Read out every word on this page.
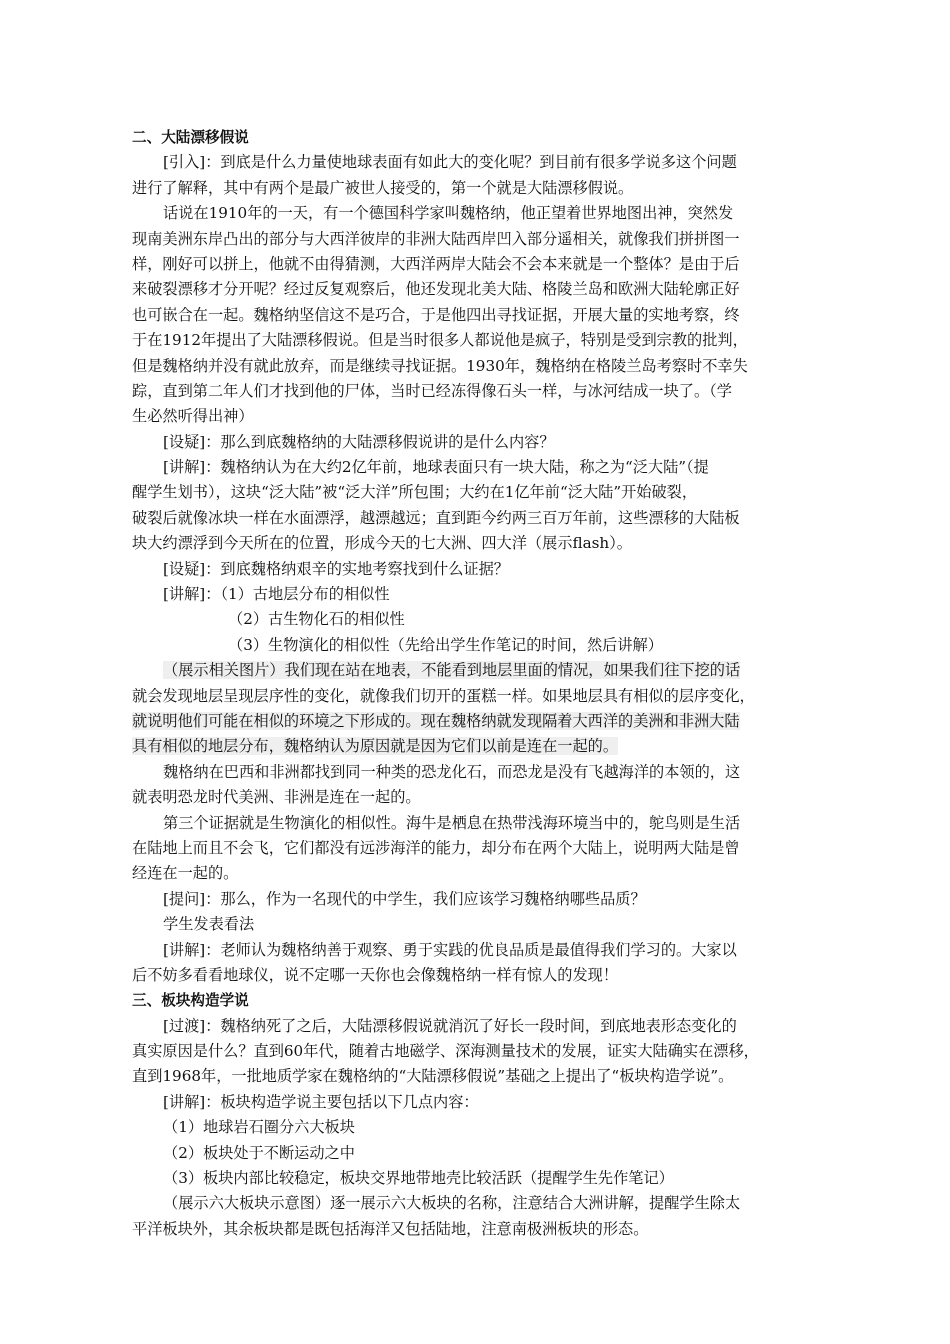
二、大陆漂移假说
[引入]：到底是什么力量使地球表面有如此大的变化呢？到目前有很多学说多这个问题
进行了解释，其中有两个是最广被世人接受的，第一个就是大陆漂移假说。
话说在1910年的一天，有一个德国科学家叫魏格纳，他正望着世界地图出神，突然发
现南美洲东岸凸出的部分与大西洋彼岸的非洲大陆西岸凹入部分遥相关，就像我们拼拼图一
样，刚好可以拼上，他就不由得猜测，大西洋两岸大陆会不会本来就是一个整体？是由于后
来破裂漂移才分开呢？经过反复观察后，他还发现北美大陆、格陵兰岛和欧洲大陆轮廓正好
也可嵌合在一起。魏格纳坚信这不是巧合，于是他四出寻找证据，开展大量的实地考察，终
于在1912年提出了大陆漂移假说。但是当时很多人都说他是疯子，特别是受到宗教的批判，
但是魏格纳并没有就此放弃，而是继续寻找证据。1930年，魏格纳在格陵兰岛考察时不幸失
踪，直到第二年人们才找到他的尸体，当时已经冻得像石头一样，与冰河结成一块了。（学
生必然听得出神）
[设疑]：那么到底魏格纳的大陆漂移假说讲的是什么内容？
[讲解]：魏格纳认为在大约2亿年前，地球表面只有一块大陆，称之为“泛大陆”（提
醒学生划书），这块“泛大陆”被“泛大洋”所包围；大约在1亿年前“泛大陆”开始破裂，
破裂后就像冰块一样在水面漂浮，越漂越远；直到距今约两三百万年前，这些漂移的大陆板
块大约漂浮到今天所在的位置，形成今天的七大洲、四大洋（展示flash）。
[设疑]：到底魏格纳艰辛的实地考察找到什么证据？
[讲解]：（1）古地层分布的相似性
（2）古生物化石的相似性
（3）生物演化的相似性（先给出学生作笔记的时间，然后讲解）
（展示相关图片）我们现在站在地表，不能看到地层里面的情况，如果我们往下挖的话
就会发现地层呈现层序性的变化，就像我们切开的蛋糕一样。如果地层具有相似的层序变化，
就说明他们可能在相似的环境之下形成的。现在魏格纳就发现隔着大西洋的美洲和非洲大陆
具有相似的地层分布，魏格纳认为原因就是因为它们以前是连在一起的。
魏格纳在巴西和非洲都找到同一种类的恐龙化石，而恐龙是没有飞越海洋的本领的，这
就表明恐龙时代美洲、非洲是连在一起的。
第三个证据就是生物演化的相似性。海牛是栖息在热带浅海环境当中的，鸵鸟则是生活
在陆地上而且不会飞，它们都没有远涉海洋的能力，却分布在两个大陆上，说明两大陆是曾
经连在一起的。
[提问]：那么，作为一名现代的中学生，我们应该学习魏格纳哪些品质？
学生发表看法
[讲解]：老师认为魏格纳善于观察、勇于实践的优良品质是最值得我们学习的。大家以
后不妨多看看地球仪，说不定哪一天你也会像魏格纳一样有惊人的发现！
三、板块构造学说
[过渡]：魏格纳死了之后，大陆漂移假说就消沉了好长一段时间，到底地表形态变化的
真实原因是什么？直到60年代，随着古地磁学、深海测量技术的发展，证实大陆确实在漂移，
直到1968年，一批地质学家在魏格纳的“大陆漂移假说”基础之上提出了“板块构造学说”。
[讲解]：板块构造学说主要包括以下几点内容：
（1）地球岩石圈分六大板块
（2）板块处于不断运动之中
（3）板块内部比较稳定，板块交界地带地壳比较活跃（提醒学生先作笔记）
（展示六大板块示意图）逐一展示六大板块的名称，注意结合大洲讲解，提醒学生除太
平洋板块外，其余板块都是既包括海洋又包括陆地，注意南极洲板块的形态。
